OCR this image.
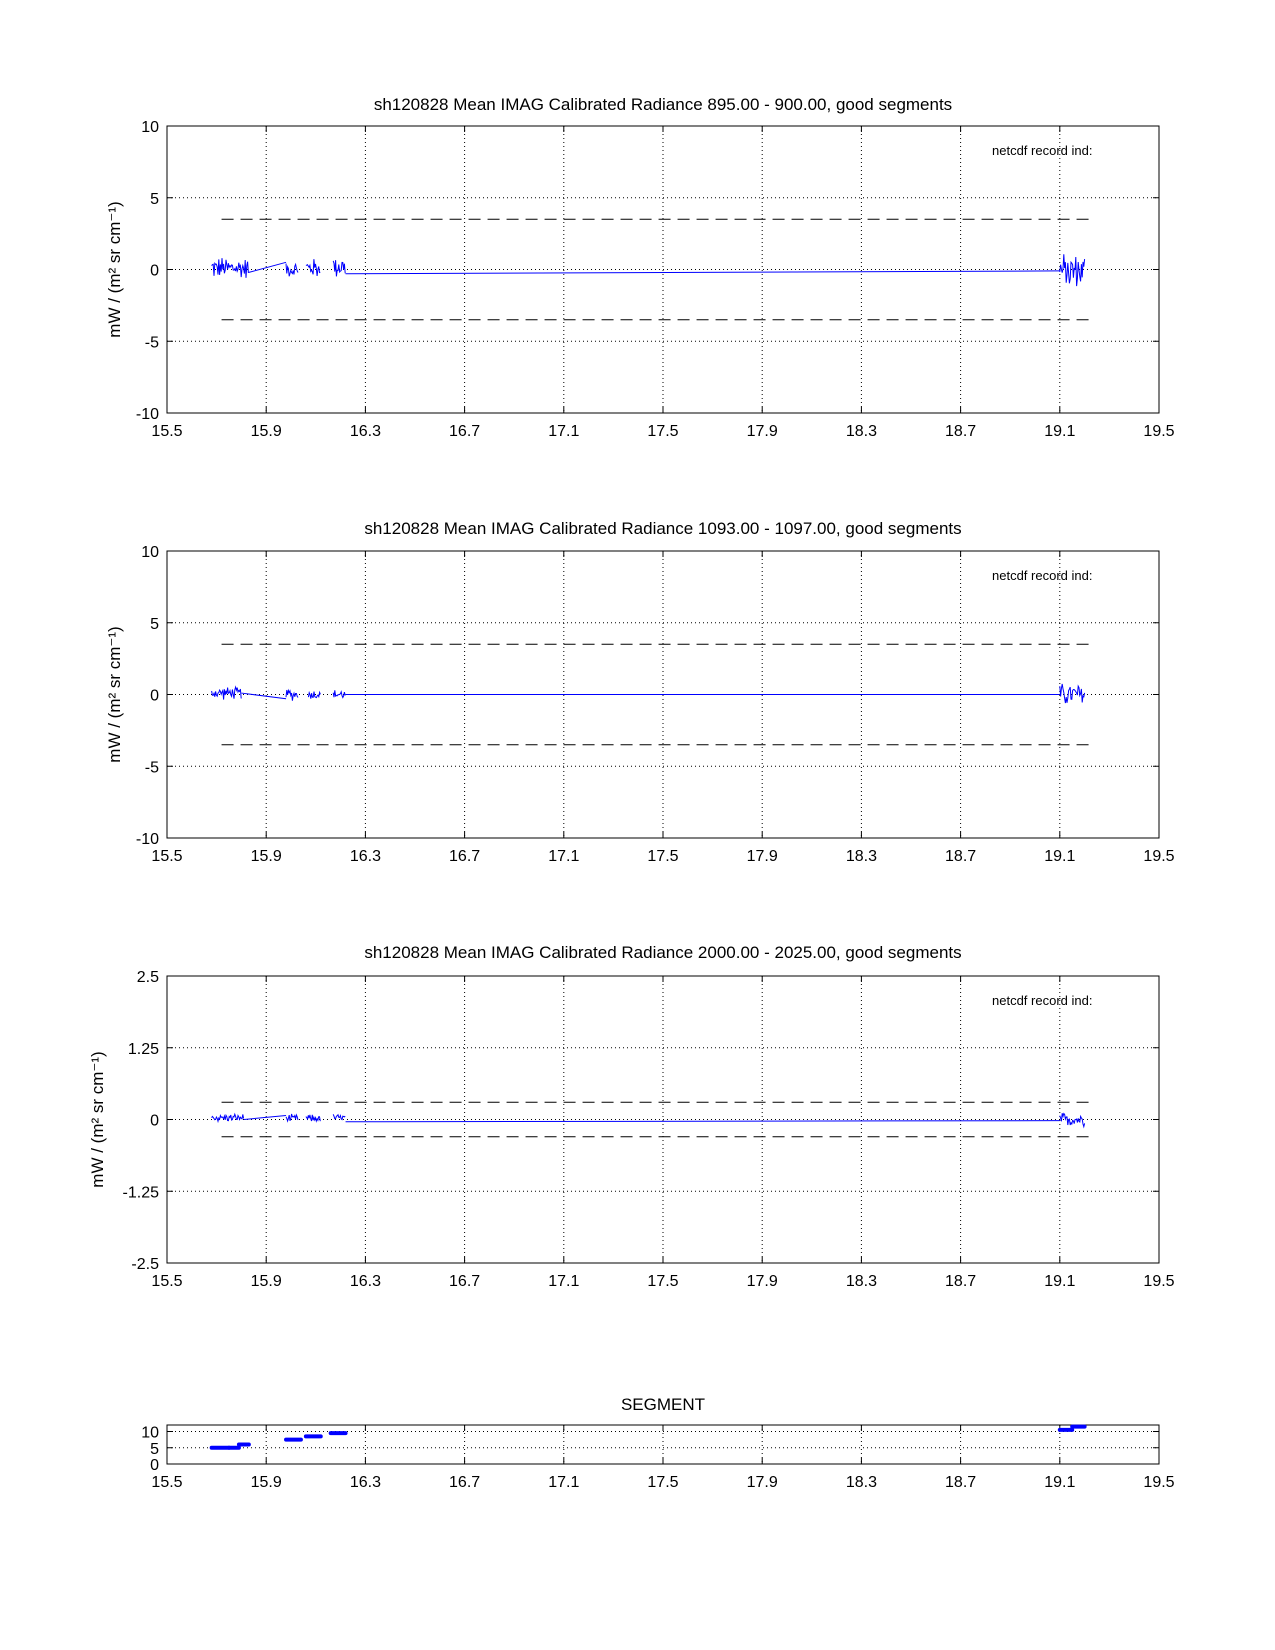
sh120828 Mean IMAG Calibrated Radiance 895.00 - 900.00, good segments
15.5	15.9	16.3	16.7	17.1	17.5	17.9	18.3	18.7	19.1	19.5
10
5
0
-5
-10
mW / (m² sr cm⁻¹)
netcdf record ind:
sh120828 Mean IMAG Calibrated Radiance 1093.00 - 1097.00, good segments
15.5	15.9	16.3	16.7	17.1	17.5	17.9	18.3	18.7	19.1	19.5
10
5
0
-5
-10
mW / (m² sr cm⁻¹)
netcdf record ind:
sh120828 Mean IMAG Calibrated Radiance 2000.00 - 2025.00, good segments
15.5	15.9	16.3	16.7	17.1	17.5	17.9	18.3	18.7	19.1	19.5
2.5
1.25
0
-1.25
-2.5
mW / (m² sr cm⁻¹)
netcdf record ind:
SEGMENT
15.5	15.9	16.3	16.7	17.1	17.5	17.9	18.3	18.7	19.1	19.5
10
5
0
